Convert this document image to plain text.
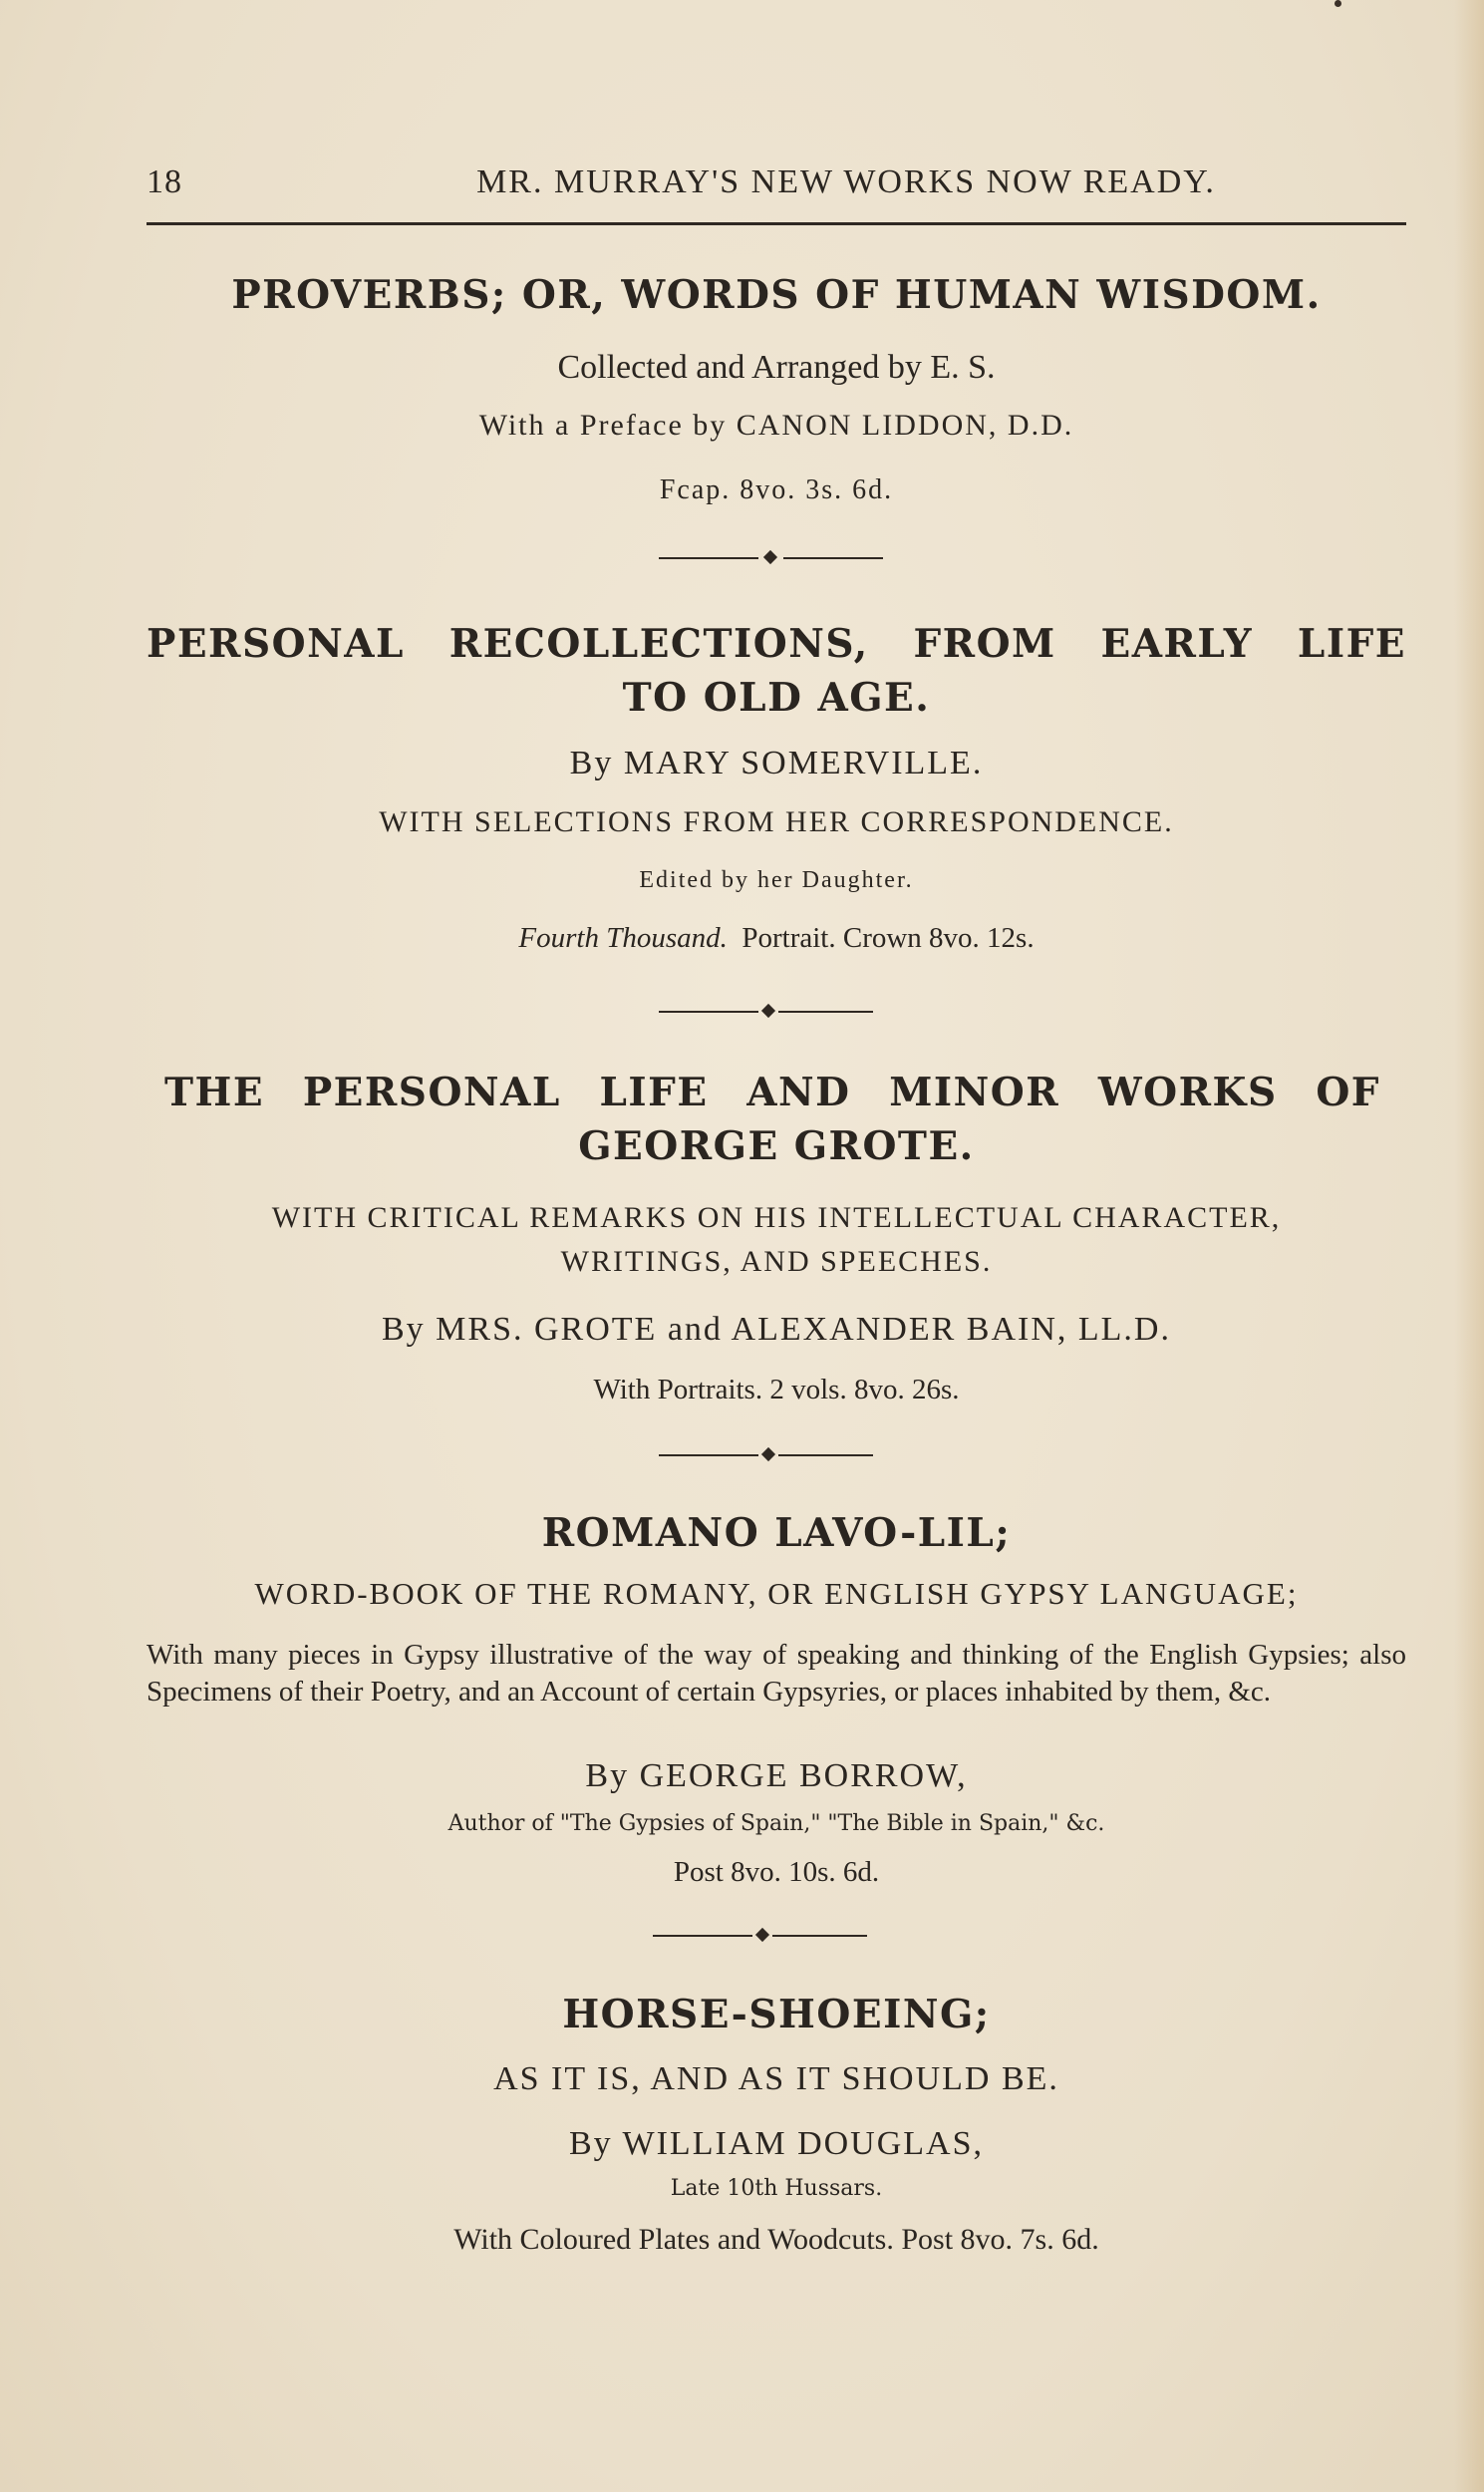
18	MR. MURRAY'S NEW WORKS NOW READY.
PROVERBS; OR, WORDS OF HUMAN WISDOM.
Collected and Arranged by E. S.
With a Preface by CANON LIDDON, D.D.
Fcap. 8vo. 3s. 6d.
PERSONAL RECOLLECTIONS, FROM EARLY LIFE
TO OLD AGE.
By MARY SOMERVILLE.
WITH SELECTIONS FROM HER CORRESPONDENCE.
Edited by her Daughter.
Fourth Thousand. Portrait. Crown 8vo. 12s.
THE PERSONAL LIFE AND MINOR WORKS OF
GEORGE GROTE.
WITH CRITICAL REMARKS ON HIS INTELLECTUAL CHARACTER,
WRITINGS, AND SPEECHES.
By MRS. GROTE and ALEXANDER BAIN, LL.D.
With Portraits. 2 vols. 8vo. 26s.
ROMANO LAVO-LIL;
WORD-BOOK OF THE ROMANY, OR ENGLISH GYPSY LANGUAGE;
With many pieces in Gypsy illustrative of the way of speaking and thinking of the English Gypsies; also Specimens of their Poetry, and an Account of certain Gypsyries, or places inhabited by them, &c.
By GEORGE BORROW,
Author of "The Gypsies of Spain," "The Bible in Spain," &c.
Post 8vo. 10s. 6d.
HORSE-SHOEING;
AS IT IS, AND AS IT SHOULD BE.
By WILLIAM DOUGLAS,
Late 10th Hussars.
With Coloured Plates and Woodcuts. Post 8vo. 7s. 6d.
